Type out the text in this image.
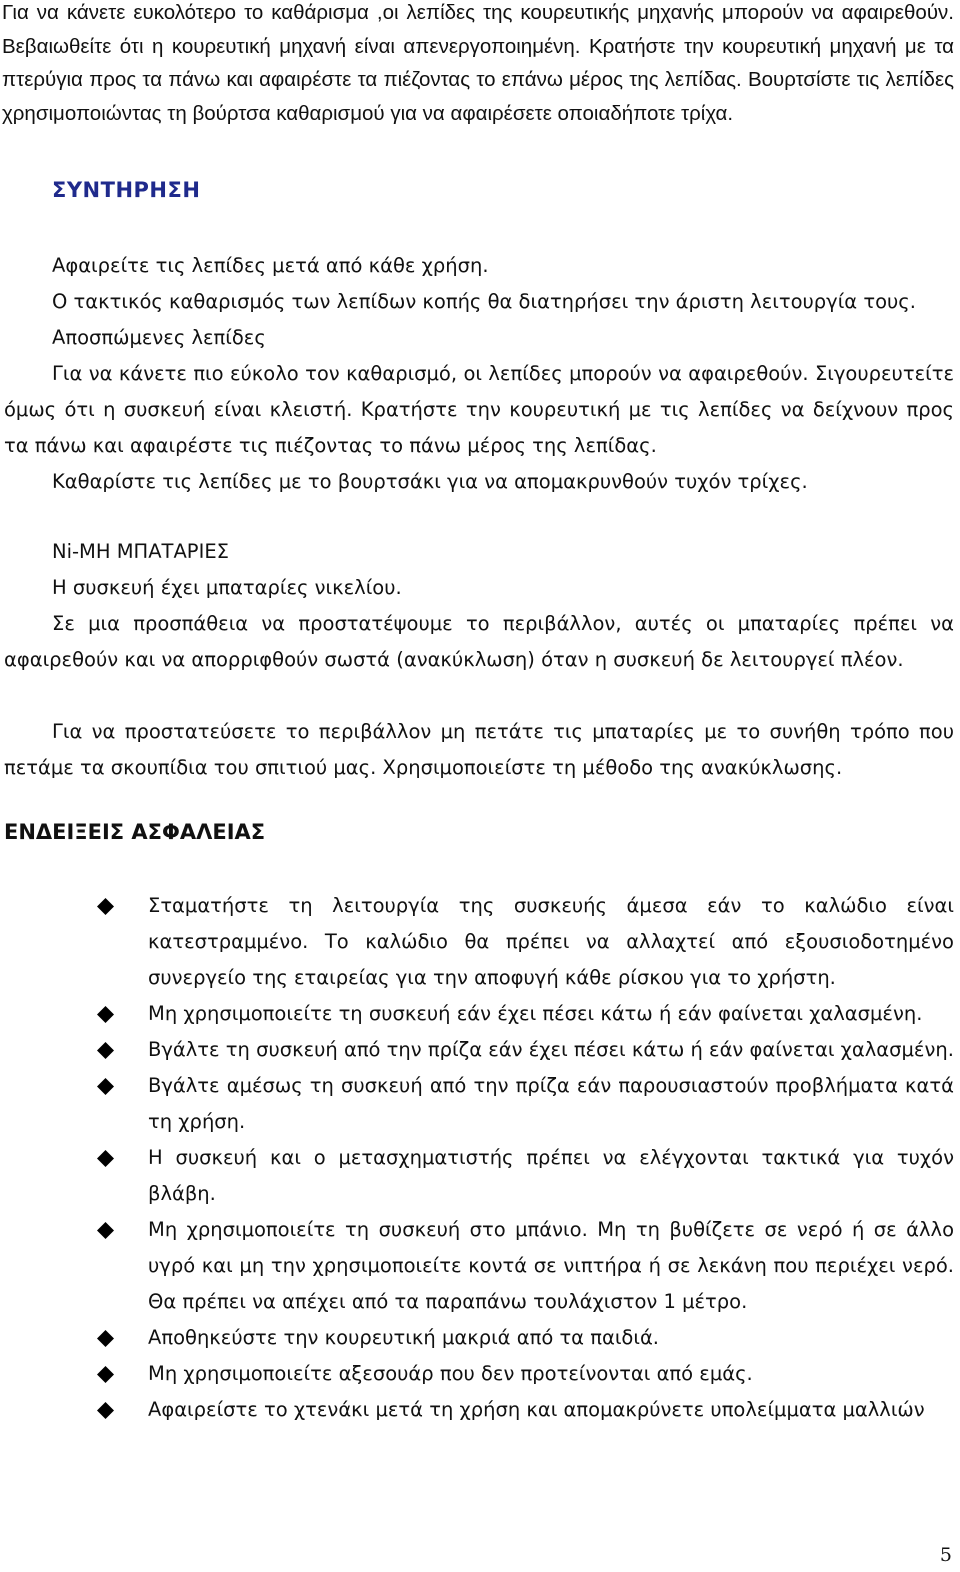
Για να κάνετε ευκολότερο το καθάρισμα ,οι λεπίδες της κουρευτικής μηχανής μπορούν να αφαιρεθούν. Βεβαιωθείτε ότι η κουρευτική μηχανή είναι απενεργοποιημένη. Κρατήστε την κουρευτική μηχανή με τα πτερύγια προς τα πάνω και αφαιρέστε τα πιέζοντας το επάνω μέρος της λεπίδας. Βουρτσίστε τις λεπίδες χρησιμοποιώντας τη βούρτσα καθαρισμού για να αφαιρέσετε οποιαδήποτε τρίχα.

ΣΥΝΤΗΡΗΣΗ

Αφαιρείτε τις λεπίδες μετά από κάθε χρήση.

Ο τακτικός καθαρισμός των λεπίδων κοπής θα διατηρήσει την άριστη λειτουργία τους.

Αποσπώμενες λεπίδες

Για να κάνετε πιο εύκολο τον καθαρισμό, οι λεπίδες μπορούν να αφαιρεθούν. Σιγουρευτείτε όμως ότι η συσκευή είναι κλειστή. Κρατήστε την κουρευτική με τις λεπίδες να δείχνουν προς τα πάνω και αφαιρέστε τις πιέζοντας το πάνω μέρος της λεπίδας.

Καθαρίστε τις λεπίδες με το βουρτσάκι για να απομακρυνθούν τυχόν τρίχες.

Ni-MH ΜΠΑΤΑΡΙΕΣ

Η συσκευή έχει μπαταρίες νικελίου.

Σε μια προσπάθεια να προστατέψουμε το περιβάλλον, αυτές οι μπαταρίες πρέπει να αφαιρεθούν και να απορριφθούν σωστά (ανακύκλωση) όταν η συσκευή δε λειτουργεί πλέον.

Για να προστατεύσετε το περιβάλλον μη πετάτε τις μπαταρίες με το συνήθη τρόπο που πετάμε τα σκουπίδια του σπιτιού μας. Χρησιμοποιείστε τη μέθοδο της ανακύκλωσης.

ΕΝΔΕΙΞΕΙΣ ΑΣΦΑΛΕΙΑΣ

Σταματήστε τη λειτουργία της συσκευής άμεσα εάν το καλώδιο είναι κατεστραμμένο. Το καλώδιο θα πρέπει να αλλαχτεί από εξουσιοδοτημένο συνεργείο της εταιρείας για την αποφυγή κάθε ρίσκου για το χρήστη.
Μη χρησιμοποιείτε τη συσκευή εάν έχει πέσει κάτω ή εάν φαίνεται χαλασμένη.
Βγάλτε τη συσκευή από την πρίζα εάν έχει πέσει κάτω ή εάν φαίνεται χαλασμένη.
Βγάλτε αμέσως τη συσκευή από την πρίζα εάν παρουσιαστούν προβλήματα κατά τη χρήση.
Η συσκευή και ο μετασχηματιστής πρέπει να ελέγχονται τακτικά για τυχόν βλάβη.
Μη χρησιμοποιείτε τη συσκευή στο μπάνιο. Μη τη βυθίζετε σε νερό ή σε άλλο υγρό και μη την χρησιμοποιείτε κοντά σε νιπτήρα ή σε λεκάνη που περιέχει νερό. Θα πρέπει να απέχει από τα παραπάνω τουλάχιστον 1 μέτρο.
Αποθηκεύστε την κουρευτική μακριά από τα παιδιά.
Μη χρησιμοποιείτε αξεσουάρ που δεν προτείνονται από εμάς.
Αφαιρείστε το χτενάκι μετά τη χρήση και απομακρύνετε υπολείμματα μαλλιών

5
